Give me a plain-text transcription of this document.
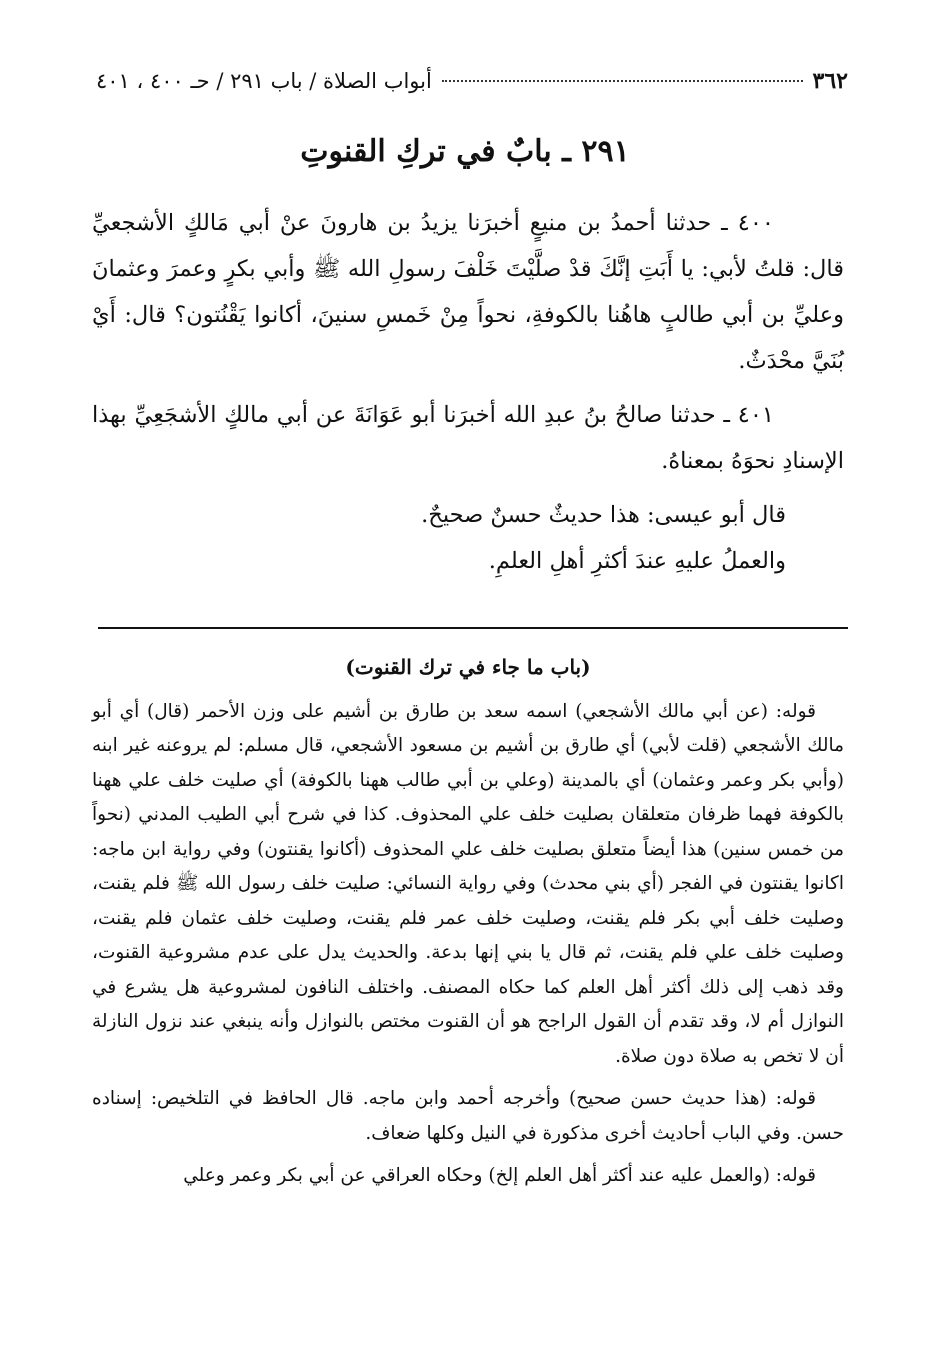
٣٦٢
أبواب الصلاة / باب ٢٩١ / حـ ٤٠٠ ، ٤٠١
٢٩١ ـ بابٌ في تركِ القنوتِ

٤٠٠ ـ حدثنا أحمدُ بن منيعٍ أخبرَنا يزيدُ بن هارونَ عنْ أبي مَالكٍ الأشجعيِّ قال: قلتُ لأبي: يا أَبَتِ إنَّكَ قدْ صلَّيْتَ خَلْفَ رسولِ الله ﷺ وأبي بكرٍ وعمرَ وعثمانَ وعليِّ بن أبي طالبٍ هاهُنا بالكوفةِ، نحواً مِنْ خَمسِ سنينَ، أكانوا يَقْنُتون؟ قال: أَيْ بُنَيَّ محْدَثٌ.

٤٠١ ـ حدثنا صالحُ بنُ عبدِ الله أخبرَنا أبو عَوَانَةَ عن أبي مالكٍ الأشجَعِيِّ بهذا الإسنادِ نحوَهُ بمعناهُ.

قال أبو عيسى: هذا حديثٌ حسنٌ صحيحٌ.

والعملُ عليهِ عندَ أكثرِ أهلِ العلمِ.

(باب ما جاء في ترك القنوت)

قوله: (عن أبي مالك الأشجعي) اسمه سعد بن طارق بن أشيم على وزن الأحمر (قال) أي أبو مالك الأشجعي (قلت لأبي) أي طارق بن أشيم بن مسعود الأشجعي، قال مسلم: لم يروعنه غير ابنه (وأبي بكر وعمر وعثمان) أي بالمدينة (وعلي بن أبي طالب ههنا بالكوفة) أي صليت خلف علي ههنا بالكوفة فهما ظرفان متعلقان بصليت خلف علي المحذوف. كذا في شرح أبي الطيب المدني (نحواً من خمس سنين) هذا أيضاً متعلق بصليت خلف علي المحذوف (أكانوا يقنتون) وفي رواية ابن ماجه: اكانوا يقنتون في الفجر (أي بني محدث) وفي رواية النسائي: صليت خلف رسول الله ﷺ فلم يقنت، وصليت خلف أبي بكر فلم يقنت، وصليت خلف عمر فلم يقنت، وصليت خلف عثمان فلم يقنت، وصليت خلف علي فلم يقنت، ثم قال يا بني إنها بدعة. والحديث يدل على عدم مشروعية القنوت، وقد ذهب إلى ذلك أكثر أهل العلم كما حكاه المصنف. واختلف النافون لمشروعية هل يشرع في النوازل أم لا، وقد تقدم أن القول الراجح هو أن القنوت مختص بالنوازل وأنه ينبغي عند نزول النازلة أن لا تخص به صلاة دون صلاة.

قوله: (هذا حديث حسن صحيح) وأخرجه أحمد وابن ماجه. قال الحافظ في التلخيص: إسناده حسن. وفي الباب أحاديث أخرى مذكورة في النيل وكلها ضعاف.

قوله: (والعمل عليه عند أكثر أهل العلم إلخ) وحكاه العراقي عن أبي بكر وعمر وعلي
